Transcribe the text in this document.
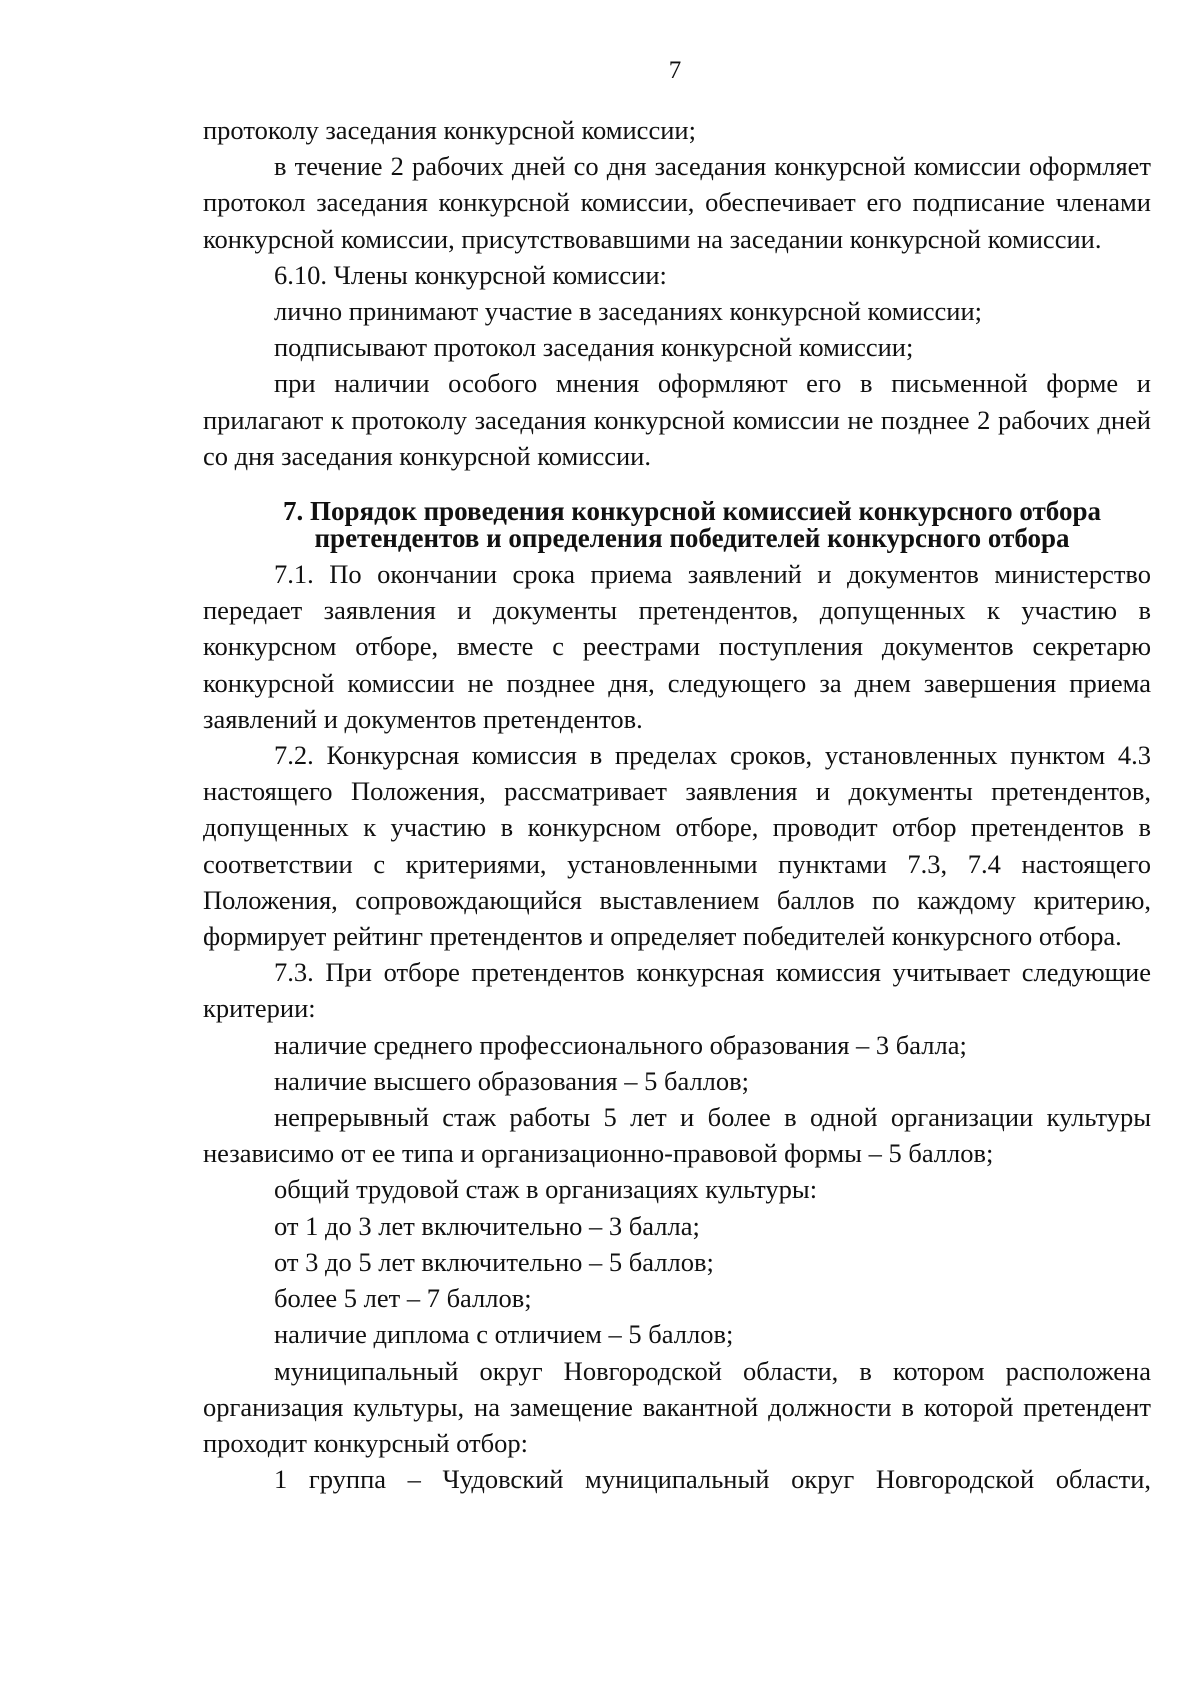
7

протоколу заседания конкурсной комиссии;

в течение 2 рабочих дней со дня заседания конкурсной комиссии оформляет протокол заседания конкурсной комиссии, обеспечивает его подписание членами конкурсной комиссии, присутствовавшими на заседании конкурсной комиссии.

6.10. Члены конкурсной комиссии:

лично принимают участие в заседаниях конкурсной комиссии;

подписывают протокол заседания конкурсной комиссии;

при наличии особого мнения оформляют его в письменной форме и прилагают к протоколу заседания конкурсной комиссии не позднее 2 рабочих дней со дня заседания конкурсной комиссии.

7. Порядок проведения конкурсной комиссией конкурсного отбора
претендентов и определения победителей конкурсного отбора

7.1. По окончании срока приема заявлений и документов министерство передает заявления и документы претендентов, допущенных к участию в конкурсном отборе, вместе с реестрами поступления документов секретарю конкурсной комиссии не позднее дня, следующего за днем завершения приема заявлений и документов претендентов.

7.2. Конкурсная комиссия в пределах сроков, установленных пунктом 4.3 настоящего Положения, рассматривает заявления и документы претендентов, допущенных к участию в конкурсном отборе, проводит отбор претендентов в соответствии с критериями, установленными пунктами 7.3, 7.4 настоящего Положения, сопровождающийся выставлением баллов по каждому критерию, формирует рейтинг претендентов и определяет победителей конкурсного отбора.

7.3. При отборе претендентов конкурсная комиссия учитывает следующие критерии:

наличие среднего профессионального образования – 3 балла;

наличие высшего образования – 5 баллов;

непрерывный стаж работы 5 лет и более в одной организации культуры независимо от ее типа и организационно-правовой формы – 5 баллов;

общий трудовой стаж в организациях культуры:

от 1 до 3 лет включительно – 3 балла;

от 3 до 5 лет включительно – 5 баллов;

более 5 лет – 7 баллов;

наличие диплома с отличием – 5 баллов;

муниципальный округ Новгородской области, в котором расположена организация культуры, на замещение вакантной должности в которой претендент проходит конкурсный отбор:

1 группа – Чудовский муниципальный округ Новгородской области,
